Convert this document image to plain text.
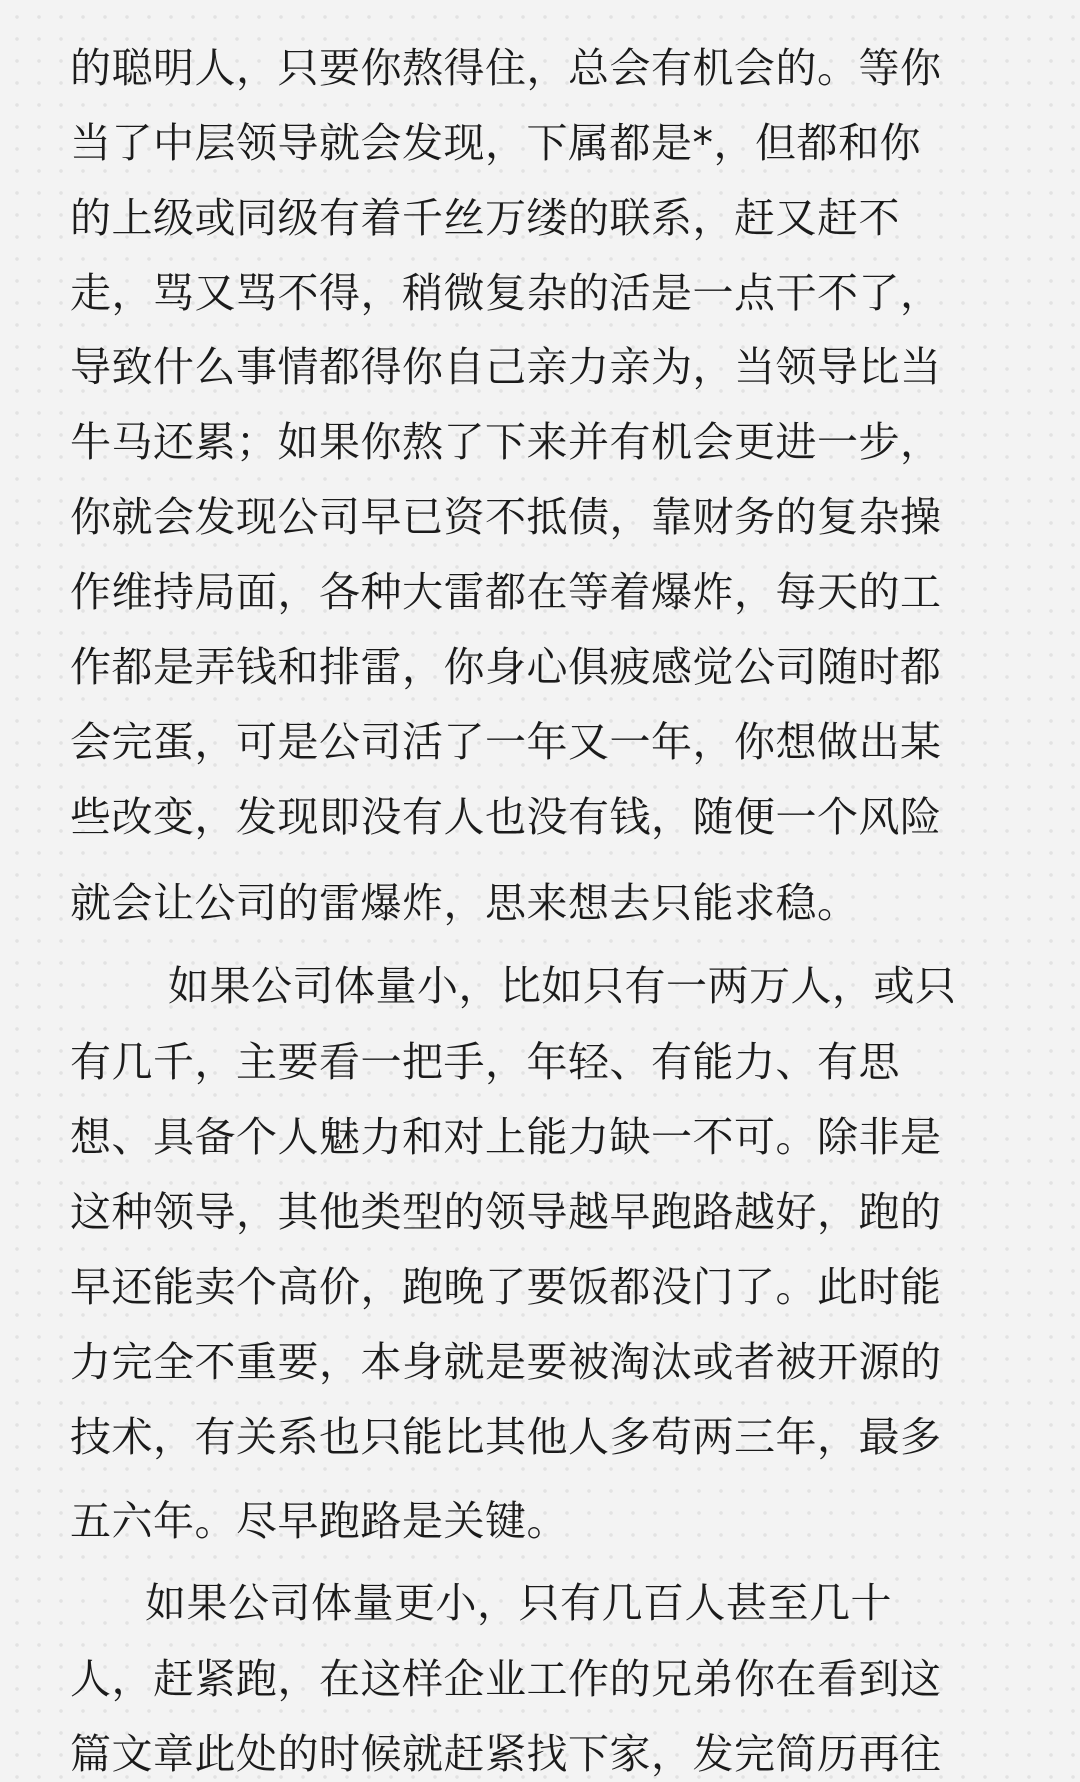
的聪明人，只要你熬得住，总会有机会的。等你
当了中层领导就会发现，下属都是*，但都和你
的上级或同级有着千丝万缕的联系，赶又赶不
走，骂又骂不得，稍微复杂的活是一点干不了，
导致什么事情都得你自己亲力亲为，当领导比当
牛马还累；如果你熬了下来并有机会更进一步，
你就会发现公司早已资不抵债，靠财务的复杂操
作维持局面，各种大雷都在等着爆炸，每天的工
作都是弄钱和排雷，你身心俱疲感觉公司随时都
会完蛋，可是公司活了一年又一年，你想做出某
些改变，发现即没有人也没有钱，随便一个风险
就会让公司的雷爆炸，思来想去只能求稳。
如果公司体量小，比如只有一两万人，或只
有几千，主要看一把手，年轻、有能力、有思
想、具备个人魅力和对上能力缺一不可。除非是
这种领导，其他类型的领导越早跑路越好，跑的
早还能卖个高价，跑晚了要饭都没门了。此时能
力完全不重要，本身就是要被淘汰或者被开源的
技术，有关系也只能比其他人多苟两三年，最多
五六年。尽早跑路是关键。
如果公司体量更小，只有几百人甚至几十
人，赶紧跑，在这样企业工作的兄弟你在看到这
篇文章此处的时候就赶紧找下家，发完简历再往
